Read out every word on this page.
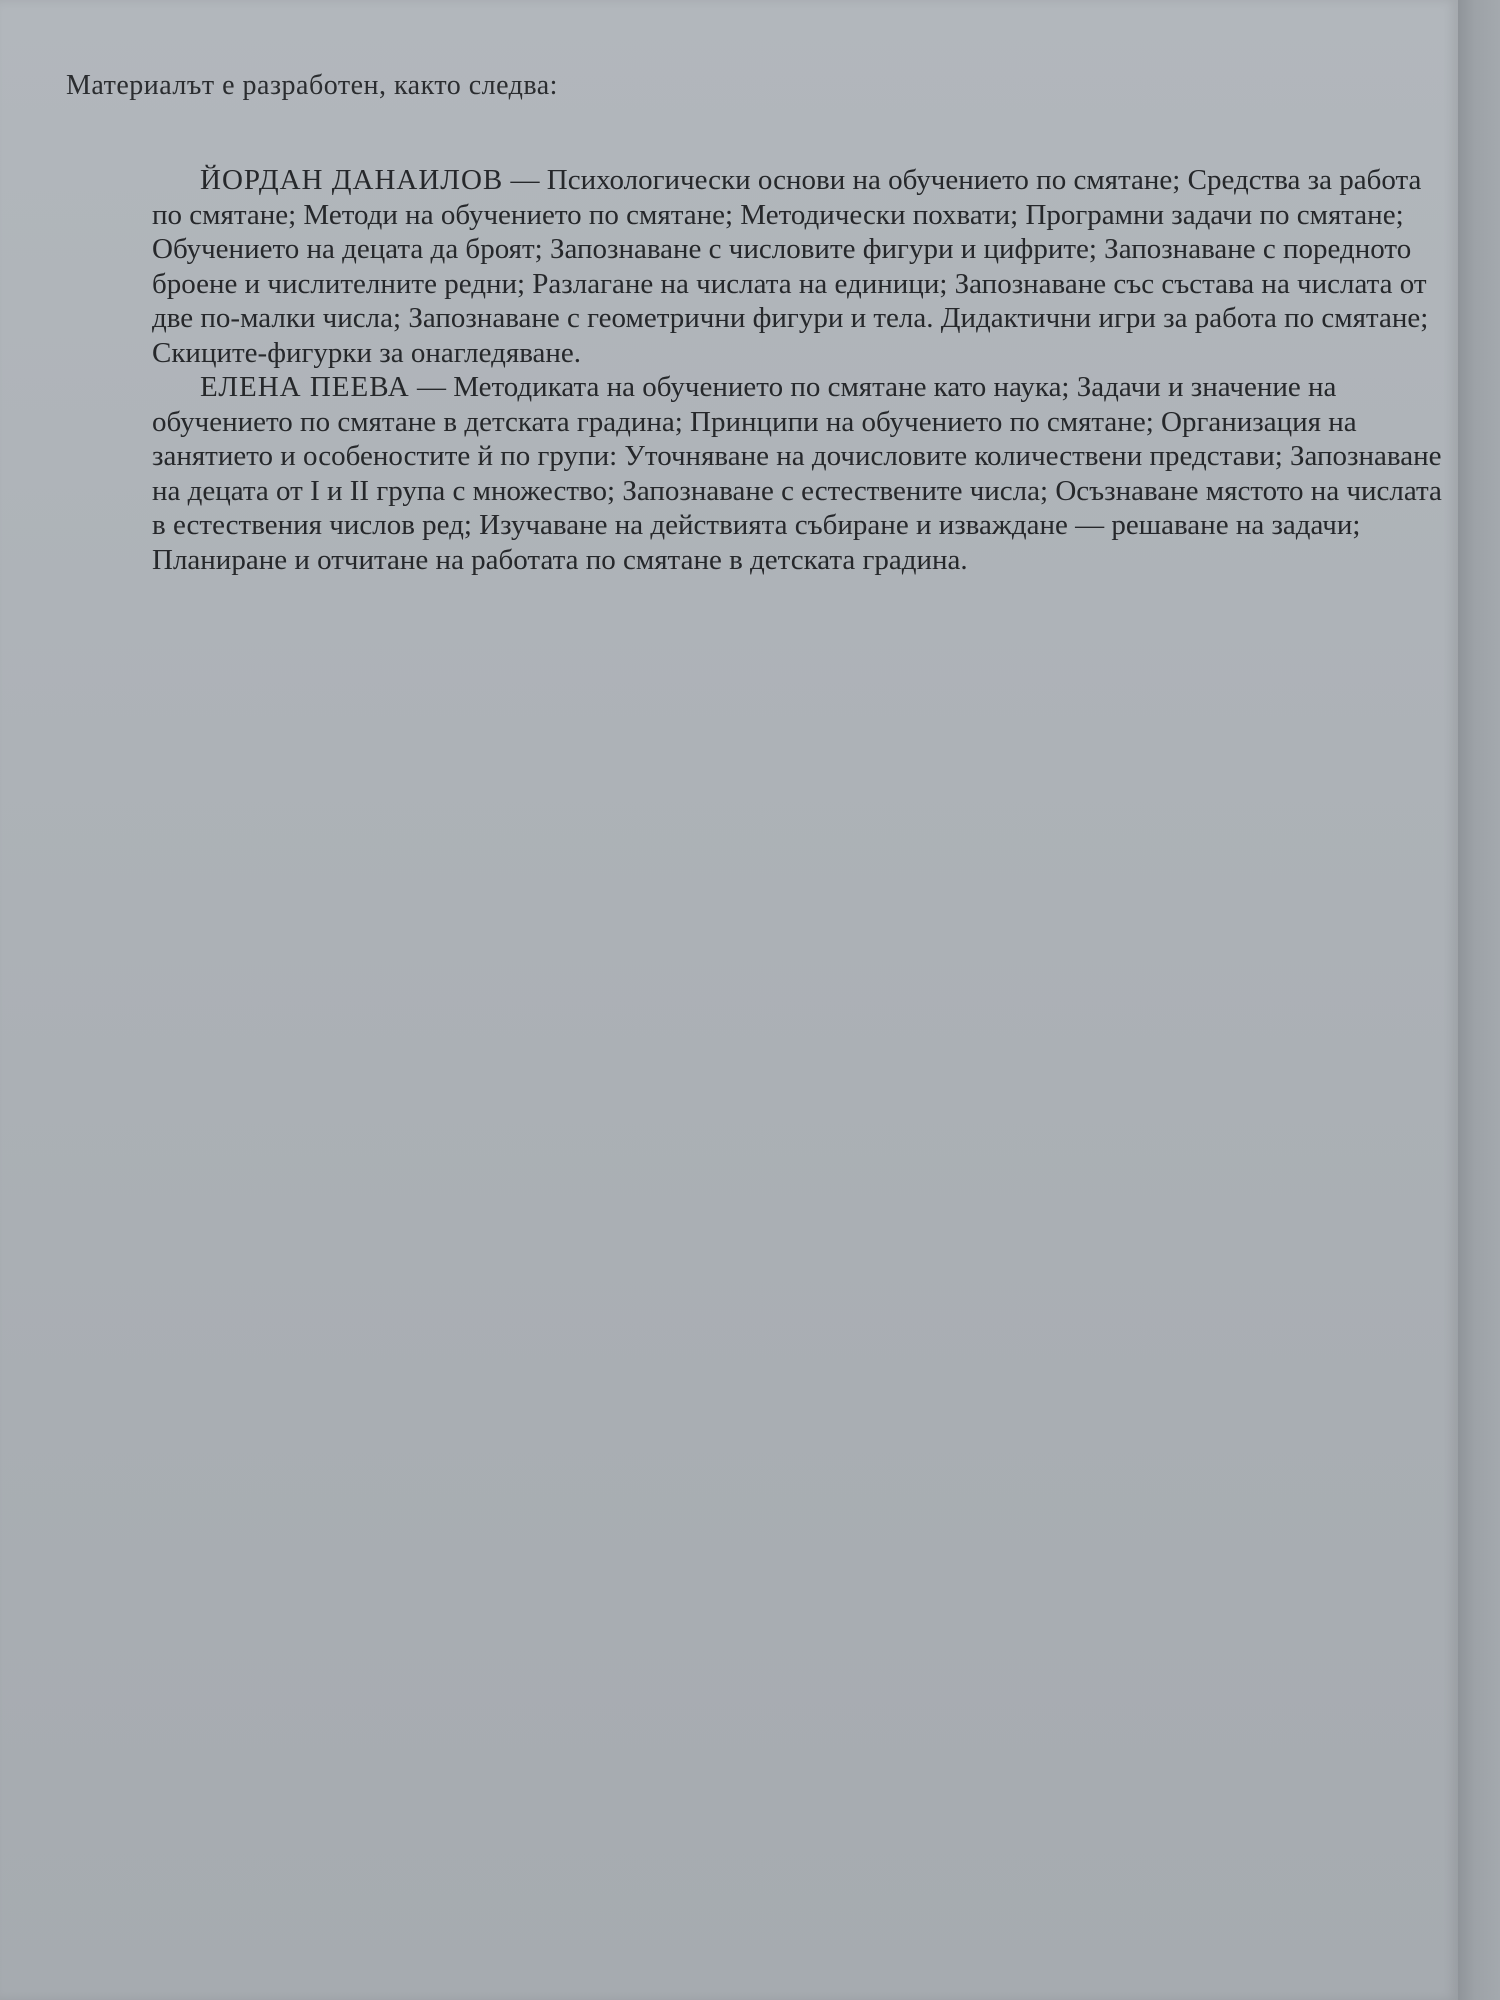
Материалът е разработен, както следва:

ЙОРДАН ДАНАИЛОВ — Психологически основи на обучението по смятане; Средства за работа по смятане; Методи на обучението по смятане; Методически похвати; Програмни задачи по смятане; Обучението на децата да броят; Запознаване с числовите фигури и цифрите; Запознаване с поредното броене и числителните редни; Разлагане на числата на единици; Запознаване със състава на числата от две по-малки числа; Запознаване с геометрични фигури и тела. Дидактични игри за работа по смятане; Скиците-фигурки за онагледяване.

ЕЛЕНА ПЕЕВА — Методиката на обучението по смятане като наука; Задачи и значение на обучението по смятане в детската градина; Принципи на обучението по смятане; Организация на занятието и особеностите й по групи: Уточняване на дочисловите количествени представи; Запознаване на децата от I и II група с множество; Запознаване с естествените числа; Осъзнаване мястото на числата в естествения числов ред; Изучаване на действията събиране и изваждане — решаване на задачи; Планиране и отчитане на работата по смятане в детската градина.
